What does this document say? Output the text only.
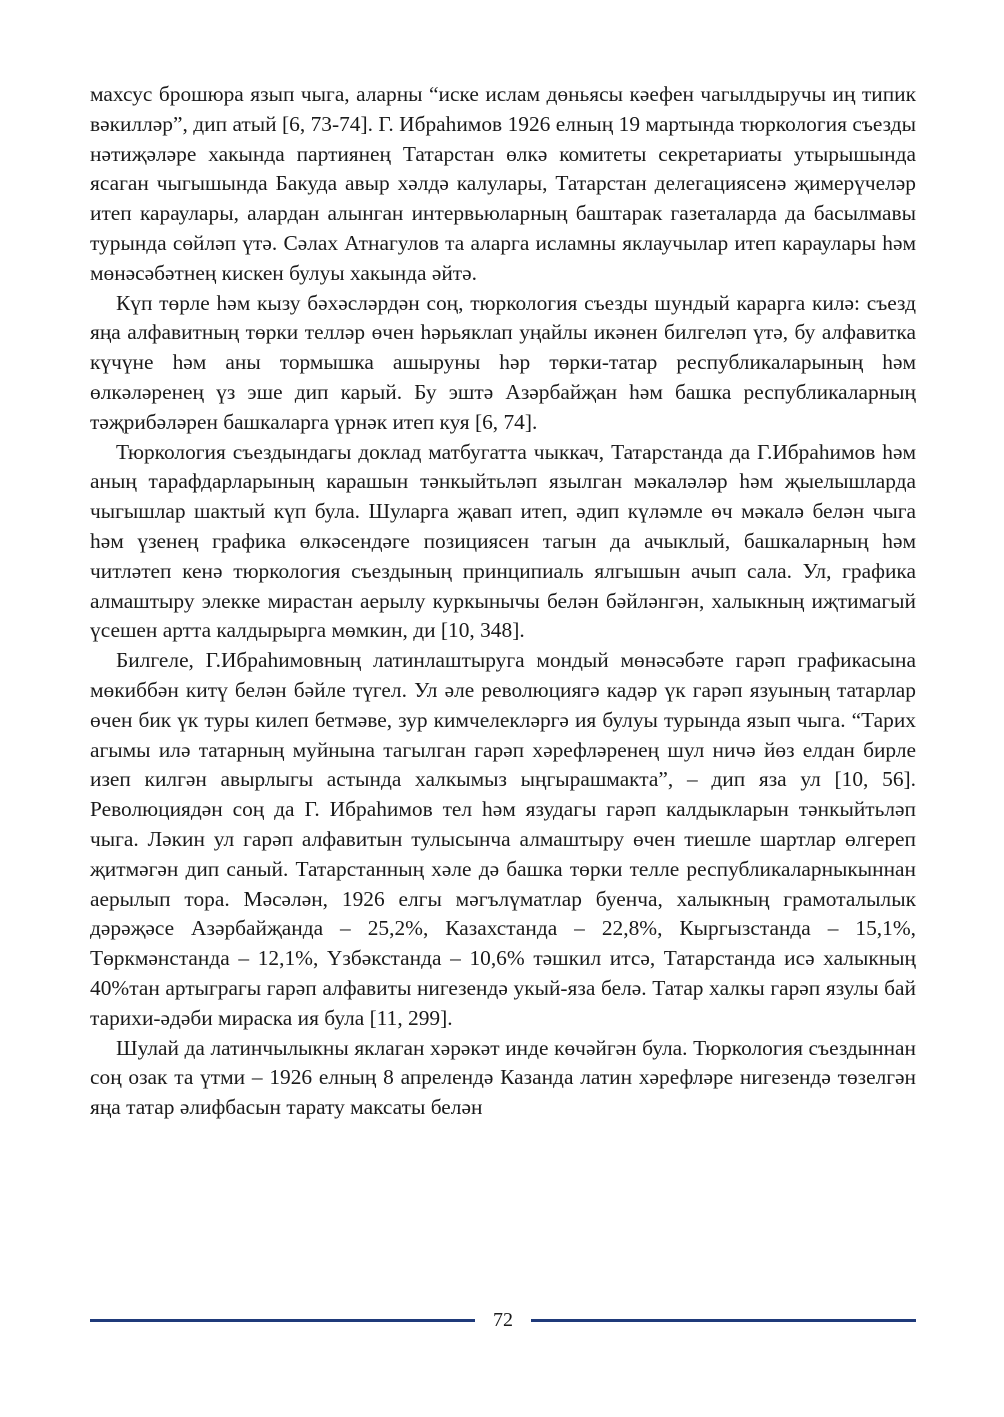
махсус брошюра язып чыга, аларны “иске ислам дөньясы кәефен чагылдыручы иң типик вәкилләр”, дип атый [6, 73-74]. Г. Ибраһимов 1926 елның 19 мартында тюркология съезды нәтиҗәләре хакында партиянең Татарстан өлкә комитеты секретариаты утырышында ясаган чыгышында Бакуда авыр хәлдә калулары, Татарстан делегациясенә җимерүчеләр итеп караулары, алардан алынган интервьюларның баштарак газеталарда да басылмавы турында сөйләп үтә. Сәлах Атнагулов та аларга исламны яклаучылар итеп караулары һәм мөнәсәбәтнең кискен булуы хакында әйтә.

Күп төрле һәм кызу бәхәсләрдән соң, тюркология съезды шундый карарга килә: съезд яңа алфавитның төрки телләр өчен һәрьяклап уңайлы икәнен билгеләп үтә, бу алфавитка күчүне һәм аны тормышка ашыруны һәр төрки-татар республикаларының һәм өлкәләренең үз эше дип карый. Бу эштә Азәрбайҗан һәм башка республикаларның тәҗрибәләрен башкаларга үрнәк итеп куя [6, 74].

Тюркология съездындагы доклад матбугатта чыккач, Татарстанда да Г.Ибраһимов һәм аның тарафдарларының карашын тәнкыйтьләп язылган мәкаләләр һәм җыелышларда чыгышлар шактый күп була. Шуларга җавап итеп, әдип күләмле өч мәкалә белән чыга һәм үзенең графика өлкәсендәге позициясен тагын да ачыклый, башкаларның һәм читләтеп кенә тюркология съездының принципиаль ялгышын ачып сала. Ул, графика алмаштыру элекке мирастан аерылу куркынычы белән бәйләнгән, халыкның иҗтимагый үсешен артта калдырырга мөмкин, ди [10, 348].

Билгеле, Г.Ибраһимовның латинлаштыруга мондый мөнәсәбәте гарәп графикасына мөкиббән китү белән бәйле түгел. Ул әле революциягә кадәр үк гарәп язуының татарлар өчен бик үк туры килеп бетмәве, зур кимчелекләргә ия булуы турында язып чыга. “Тарих агымы илә татарның муйнына тагылган гарәп хәрефләренең шул ничә йөз елдан бирле изеп килгән авырлыгы астында халкымыз ыңгырашмакта”, – дип яза ул [10, 56]. Революциядән соң да Г. Ибраһимов тел һәм язудагы гарәп калдыкларын тәнкыйтьләп чыга. Ләкин ул гарәп алфавитын тулысынча алмаштыру өчен тиешле шартлар өлгереп җитмәгән дип саный. Татарстанның хәле дә башка төрки телле республикаларныкыннан аерылып тора. Мәсәлән, 1926 елгы мәгълүматлар буенча, халыкның грамоталылык дәрәҗәсе Азәрбайҗанда – 25,2%, Казахстанда – 22,8%, Кыргызстанда – 15,1%, Төркмәнстанда – 12,1%, Үзбәкстанда – 10,6% тәшкил итсә, Татарстанда исә халыкның 40%тан артыграгы гарәп алфавиты нигезендә укый-яза белә. Татар халкы гарәп язулы бай тарихи-әдәби мираска ия була [11, 299].

Шулай да латинчылыкны яклаган хәрәкәт инде көчәйгән була. Тюркология съездыннан соң озак та үтми – 1926 елның 8 апрелендә Казанда латин хәрефләре нигезендә төзелгән яңа татар әлифбасын тарату максаты белән

72
